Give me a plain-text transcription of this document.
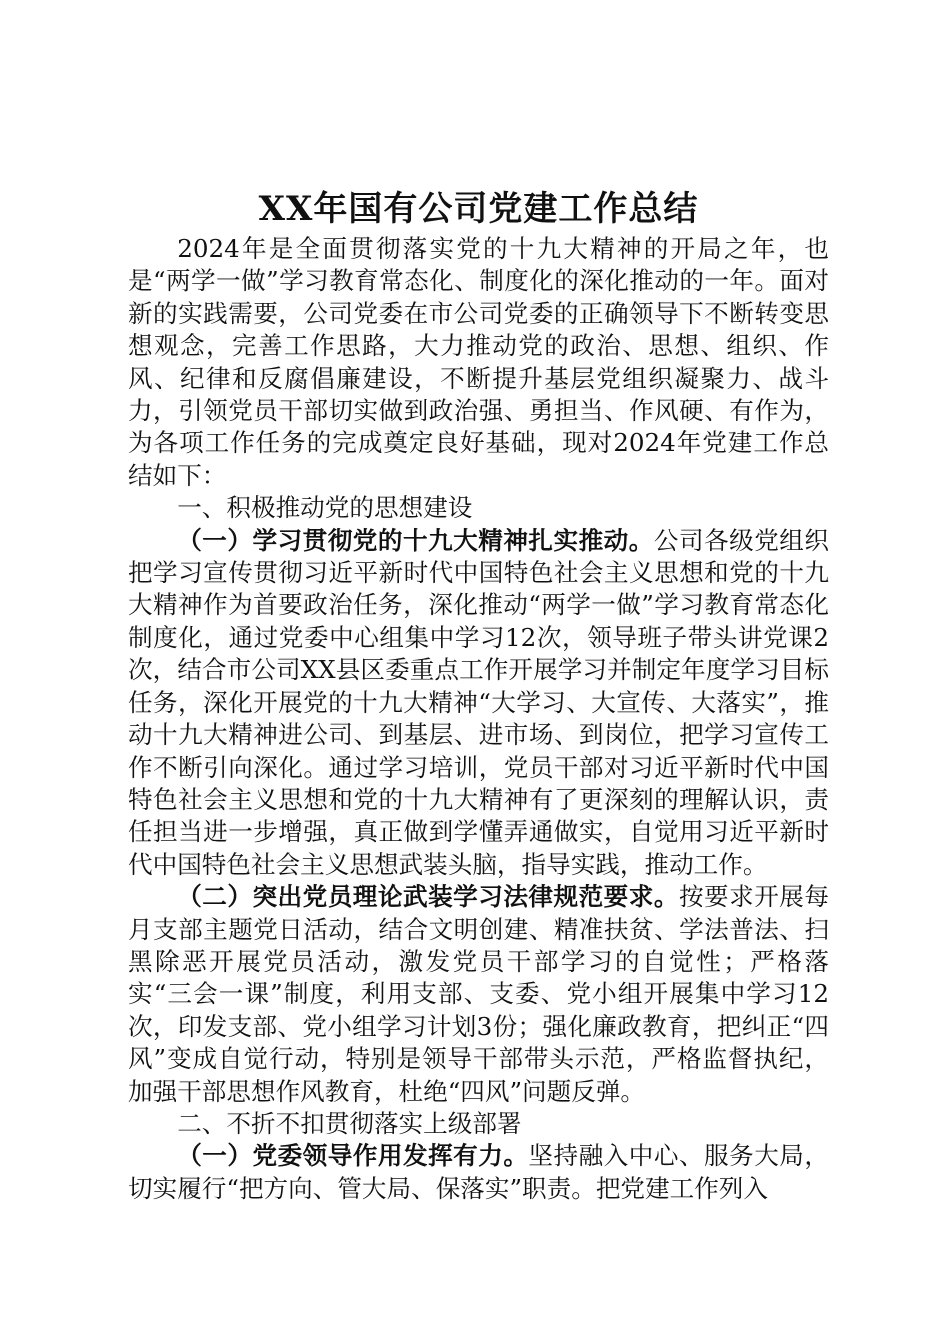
XX年国有公司党建工作总结

2024年是全面贯彻落实党的十九大精神的开局之年，也是“两学一做”学习教育常态化、制度化的深化推动的一年。面对新的实践需要，公司党委在市公司党委的正确领导下不断转变思想观念，完善工作思路，大力推动党的政治、思想、组织、作风、纪律和反腐倡廉建设，不断提升基层党组织凝聚力、战斗力，引领党员干部切实做到政治强、勇担当、作风硬、有作为，为各项工作任务的完成奠定良好基础，现对2024年党建工作总结如下：

一、积极推动党的思想建设

（一）学习贯彻党的十九大精神扎实推动。公司各级党组织把学习宣传贯彻习近平新时代中国特色社会主义思想和党的十九大精神作为首要政治任务，深化推动“两学一做”学习教育常态化制度化，通过党委中心组集中学习12次，领导班子带头讲党课2次，结合市公司XX县区委重点工作开展学习并制定年度学习目标任务，深化开展党的十九大精神“大学习、大宣传、大落实”，推动十九大精神进公司、到基层、进市场、到岗位，把学习宣传工作不断引向深化。通过学习培训，党员干部对习近平新时代中国特色社会主义思想和党的十九大精神有了更深刻的理解认识，责任担当进一步增强，真正做到学懂弄通做实，自觉用习近平新时代中国特色社会主义思想武装头脑，指导实践，推动工作。

（二）突出党员理论武装学习法律规范要求。按要求开展每月支部主题党日活动，结合文明创建、精准扶贫、学法普法、扫黑除恶开展党员活动，激发党员干部学习的自觉性；严格落实“三会一课”制度，利用支部、支委、党小组开展集中学习12次，印发支部、党小组学习计划3份；强化廉政教育，把纠正“四风”变成自觉行动，特别是领导干部带头示范，严格监督执纪，加强干部思想作风教育，杜绝“四风”问题反弹。

二、不折不扣贯彻落实上级部署

（一）党委领导作用发挥有力。坚持融入中心、服务大局，切实履行“把方向、管大局、保落实”职责。把党建工作列入
